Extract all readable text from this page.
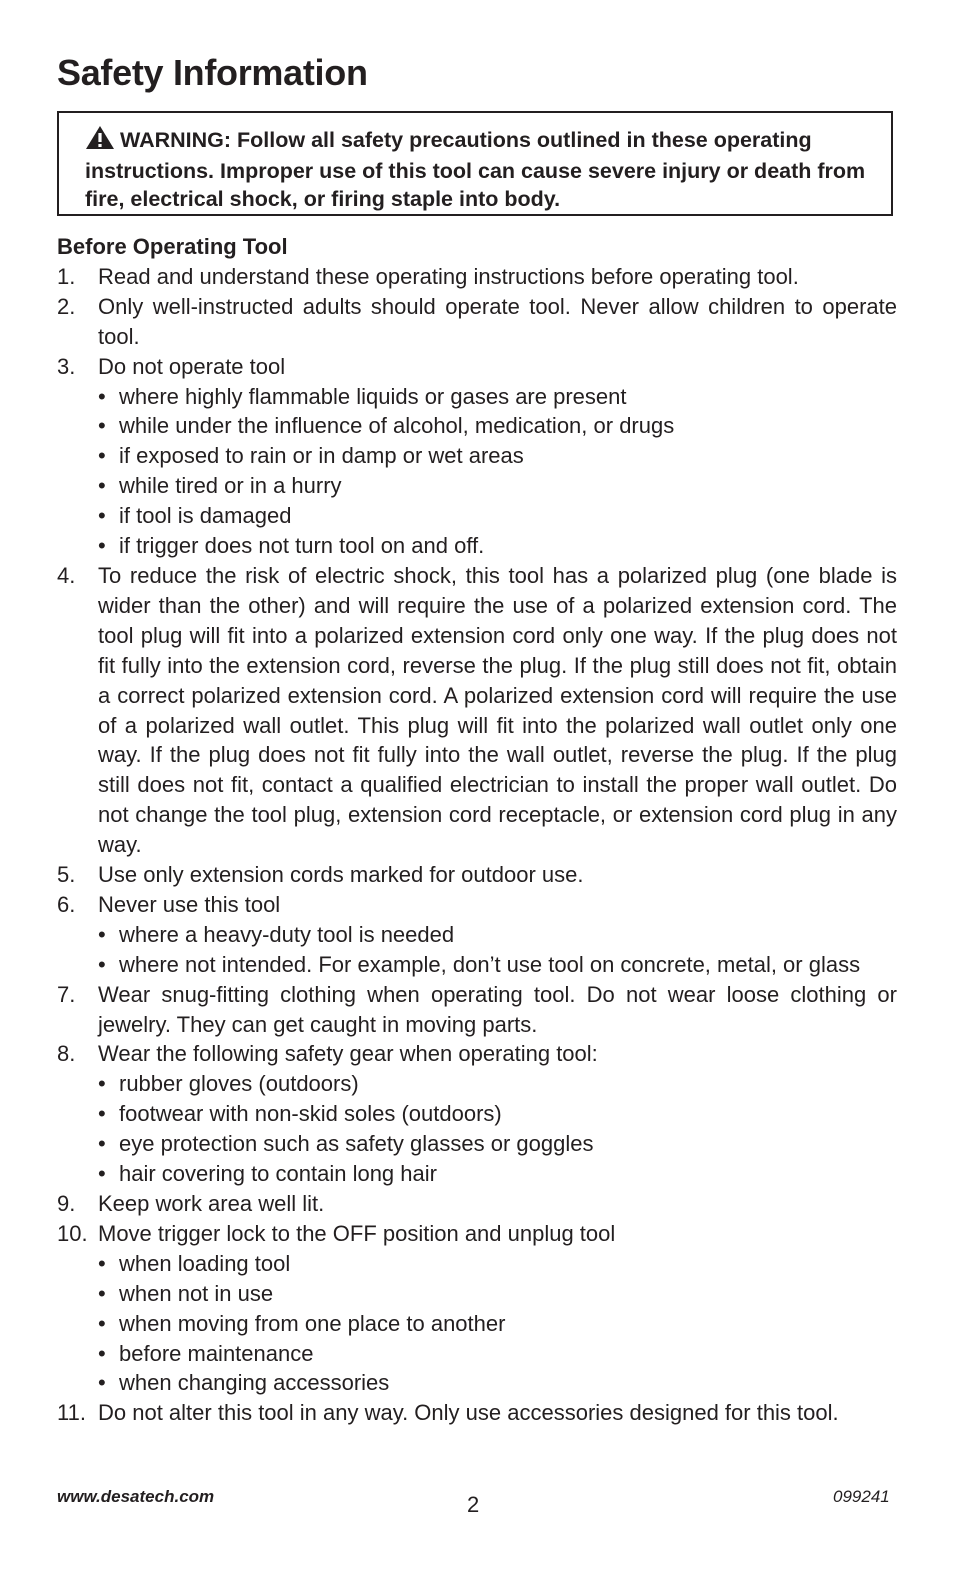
Safety Information
WARNING: Follow all safety precautions outlined in these operating instructions. Improper use of this tool can cause severe injury or death from fire, electrical shock, or firing staple into body.

Before Operating Tool

1. Read and understand these operating instructions before operating tool.
2. Only well-instructed adults should operate tool. Never allow children to operate tool.
3. Do not operate tool
• where highly flammable liquids or gases are present
• while under the influence of alcohol, medication, or drugs
• if exposed to rain or in damp or wet areas
• while tired or in a hurry
• if tool is damaged
• if trigger does not turn tool on and off.
4. To reduce the risk of electric shock, this tool has a polarized plug (one blade is wider than the other) and will require the use of a polarized extension cord. The tool plug will fit into a polarized extension cord only one way. If the plug does not fit fully into the extension cord, reverse the plug. If the plug still does not fit, obtain a correct polarized extension cord. A polarized extension cord will require the use of a polarized wall outlet. This plug will fit into the polarized wall outlet only one way. If the plug does not fit fully into the wall outlet, reverse the plug. If the plug still does not fit, contact a qualified electrician to install the proper wall outlet. Do not change the tool plug, extension cord receptacle, or extension cord plug in any way.
5. Use only extension cords marked for outdoor use.
6. Never use this tool
• where a heavy-duty tool is needed
• where not intended. For example, don’t use tool on concrete, metal, or glass
7. Wear snug-fitting clothing when operating tool. Do not wear loose clothing or jewelry. They can get caught in moving parts.
8. Wear the following safety gear when operating tool:
• rubber gloves (outdoors)
• footwear with non-skid soles (outdoors)
• eye protection such as safety glasses or goggles
• hair covering to contain long hair
9. Keep work area well lit.
10. Move trigger lock to the OFF position and unplug tool
• when loading tool
• when not in use
• when moving from one place to another
• before maintenance
• when changing accessories
11. Do not alter this tool in any way. Only use accessories designed for this tool.
www.desatech.com	2	099241
